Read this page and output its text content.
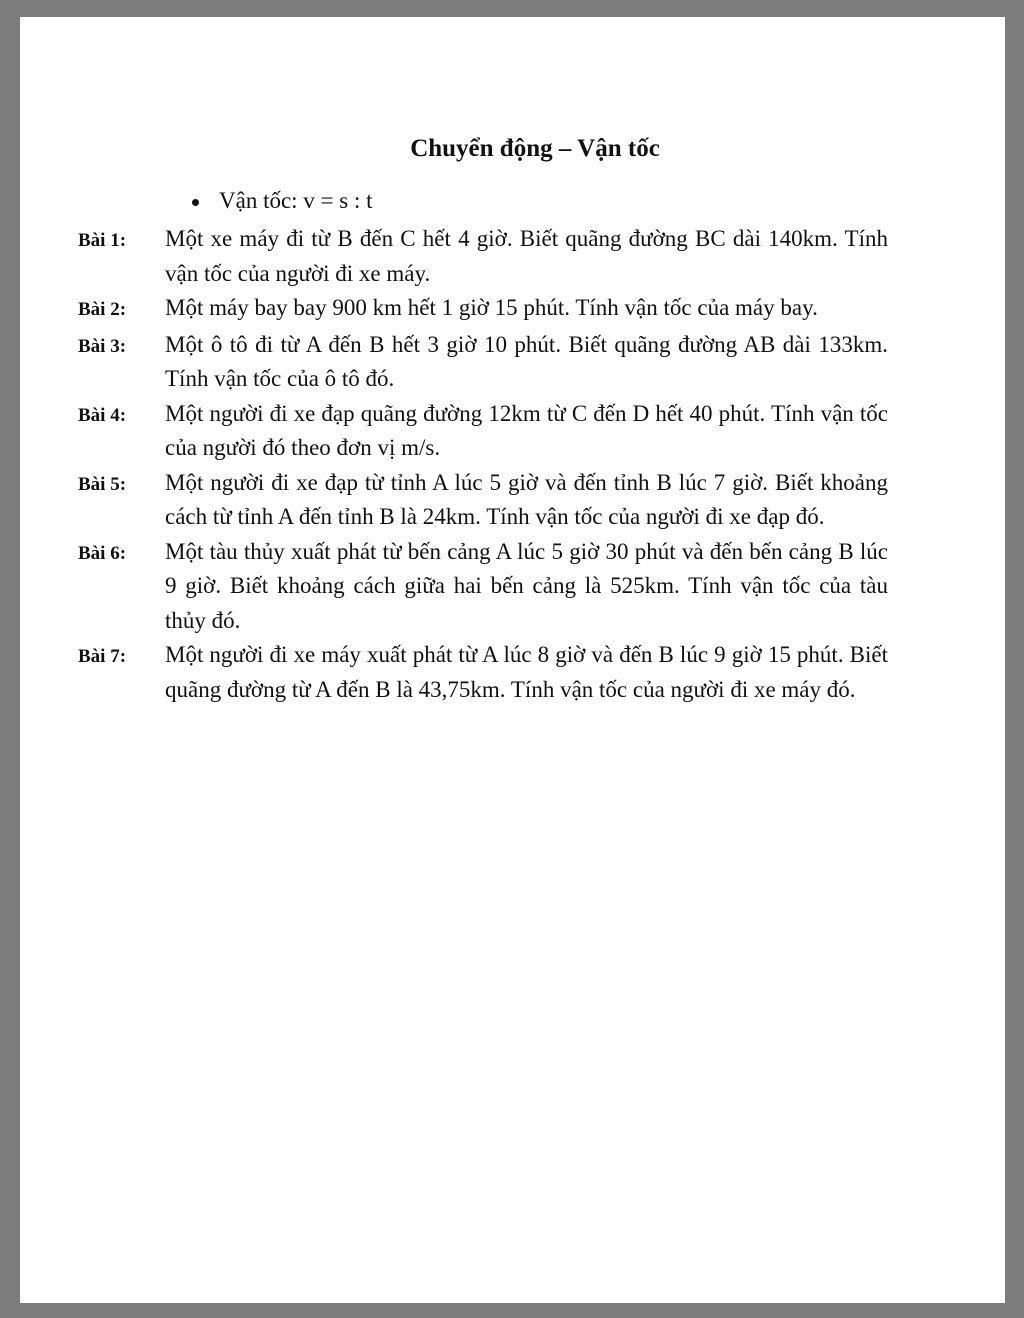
Chuyển động – Vận tốc
Vận tốc: v = s : t
Bài 1:	Một xe máy đi từ B đến C hết 4 giờ. Biết quãng đường BC dài 140km. Tính vận tốc của người đi xe máy.
Bài 2:	Một máy bay bay 900 km hết 1 giờ 15 phút. Tính vận tốc của máy bay.
Bài 3:	Một ô tô đi từ A đến B hết 3 giờ 10 phút. Biết quãng đường AB dài 133km. Tính vận tốc của ô tô đó.
Bài 4:	Một người đi xe đạp quãng đường 12km từ C đến D hết 40 phút. Tính vận tốc của người đó theo đơn vị m/s.
Bài 5:	Một người đi xe đạp từ tỉnh A lúc 5 giờ và đến tỉnh B lúc 7 giờ. Biết khoảng cách từ tỉnh A đến tỉnh B là 24km. Tính vận tốc của người đi xe đạp đó.
Bài 6:	Một tàu thủy xuất phát từ bến cảng A lúc 5 giờ 30 phút và đến bến cảng B lúc 9 giờ. Biết khoảng cách giữa hai bến cảng là 525km. Tính vận tốc của tàu thủy đó.
Bài 7:	Một người đi xe máy xuất phát từ A lúc 8 giờ và đến B lúc 9 giờ 15 phút. Biết quãng đường từ A đến B là 43,75km. Tính vận tốc của người đi xe máy đó.
